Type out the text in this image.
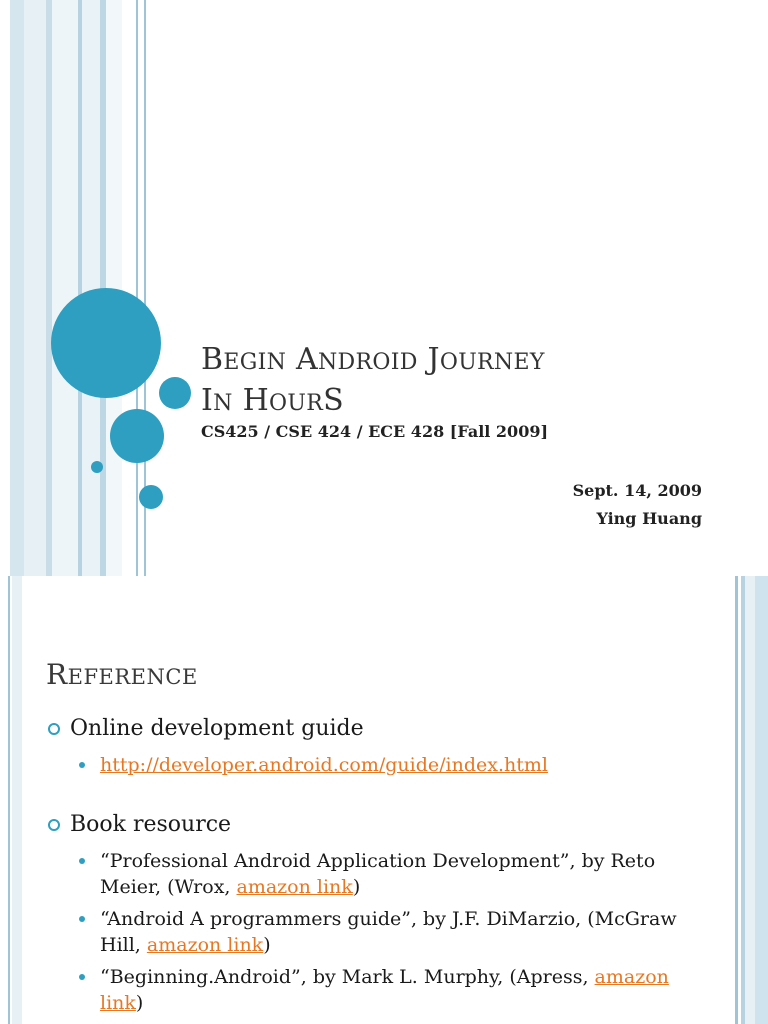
BEGIN ANDROID JOURNEY
IN HOURS
CS425 / CSE 424 / ECE 428 [Fall 2009]
Sept. 14, 2009
Ying Huang
REFERENCE
Online development guide
http://developer.android.com/guide/index.html
Book resource
“Professional Android Application Development”, by Reto Meier, (Wrox, amazon link)
“Android A programmers guide”, by J.F. DiMarzio, (McGraw Hill, amazon link)
“Beginning.Android”, by Mark L. Murphy, (Apress, amazon link)
